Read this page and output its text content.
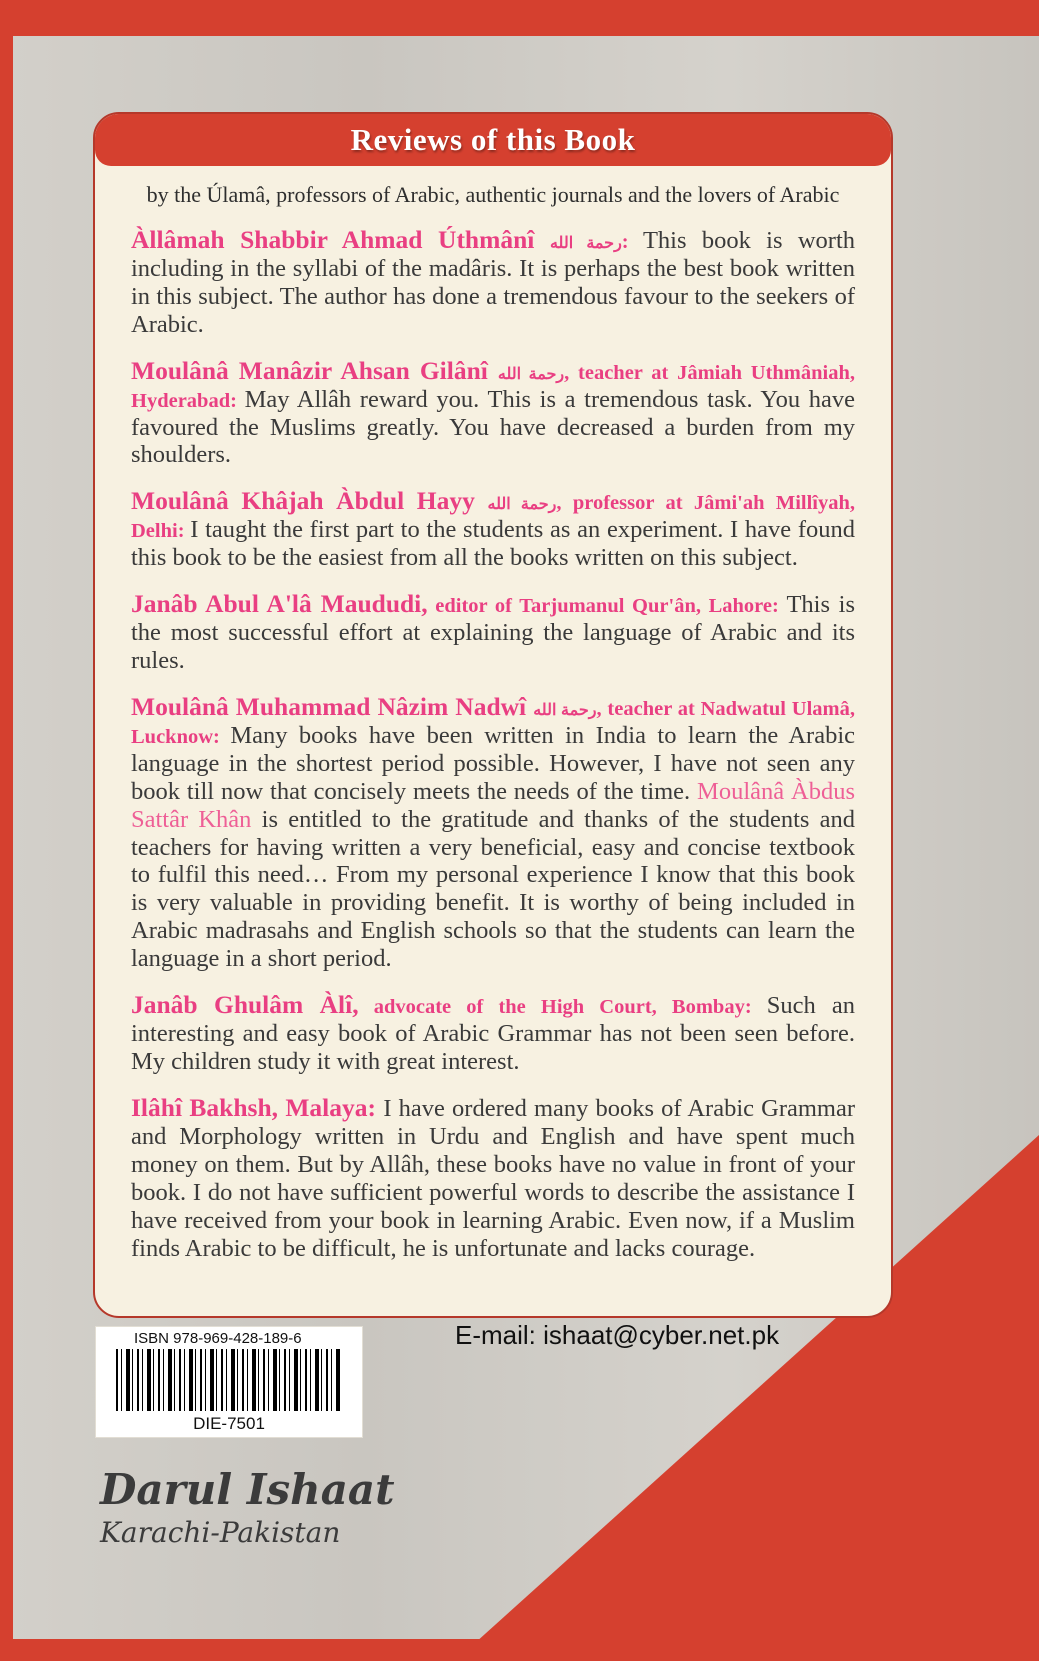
Reviews of this Book
by the Úlamâ, professors of Arabic, authentic journals and the lovers of Arabic

Àllâmah Shabbir Ahmad Úthmânî رحمة الله: This book is worth including in the syllabi of the madâris. It is perhaps the best book written in this subject. The author has done a tremendous favour to the seekers of Arabic.

Moulânâ Manâzir Ahsan Gilânî رحمة الله, teacher at Jâmiah Uthmâniah, Hyderabad: May Allâh reward you. This is a tremendous task. You have favoured the Muslims greatly. You have decreased a burden from my shoulders.

Moulânâ Khâjah Àbdul Hayy رحمة الله, professor at Jâmi'ah Millîyah, Delhi: I taught the first part to the students as an experiment. I have found this book to be the easiest from all the books written on this subject.

Janâb Abul A'lâ Maududi, editor of Tarjumanul Qur'ân, Lahore: This is the most successful effort at explaining the language of Arabic and its rules.

Moulânâ Muhammad Nâzim Nadwî رحمة الله, teacher at Nadwatul Ulamâ, Lucknow: Many books have been written in India to learn the Arabic language in the shortest period possible. However, I have not seen any book till now that concisely meets the needs of the time. Moulânâ Àbdus Sattâr Khân is entitled to the gratitude and thanks of the students and teachers for having written a very beneficial, easy and concise textbook to fulfil this need… From my personal experience I know that this book is very valuable in providing benefit. It is worthy of being included in Arabic madrasahs and English schools so that the students can learn the language in a short period.

Janâb Ghulâm Àlî, advocate of the High Court, Bombay: Such an interesting and easy book of Arabic Grammar has not been seen before. My children study it with great interest.

Ilâhî Bakhsh, Malaya: I have ordered many books of Arabic Grammar and Morphology written in Urdu and English and have spent much money on them. But by Allâh, these books have no value in front of your book. I do not have sufficient powerful words to describe the assistance I have received from your book in learning Arabic. Even now, if a Muslim finds Arabic to be difficult, he is unfortunate and lacks courage.

ISBN 978-969-428-189-6
DIE-7501
E-mail: ishaat@cyber.net.pk
Darul Ishaat
Karachi-Pakistan
